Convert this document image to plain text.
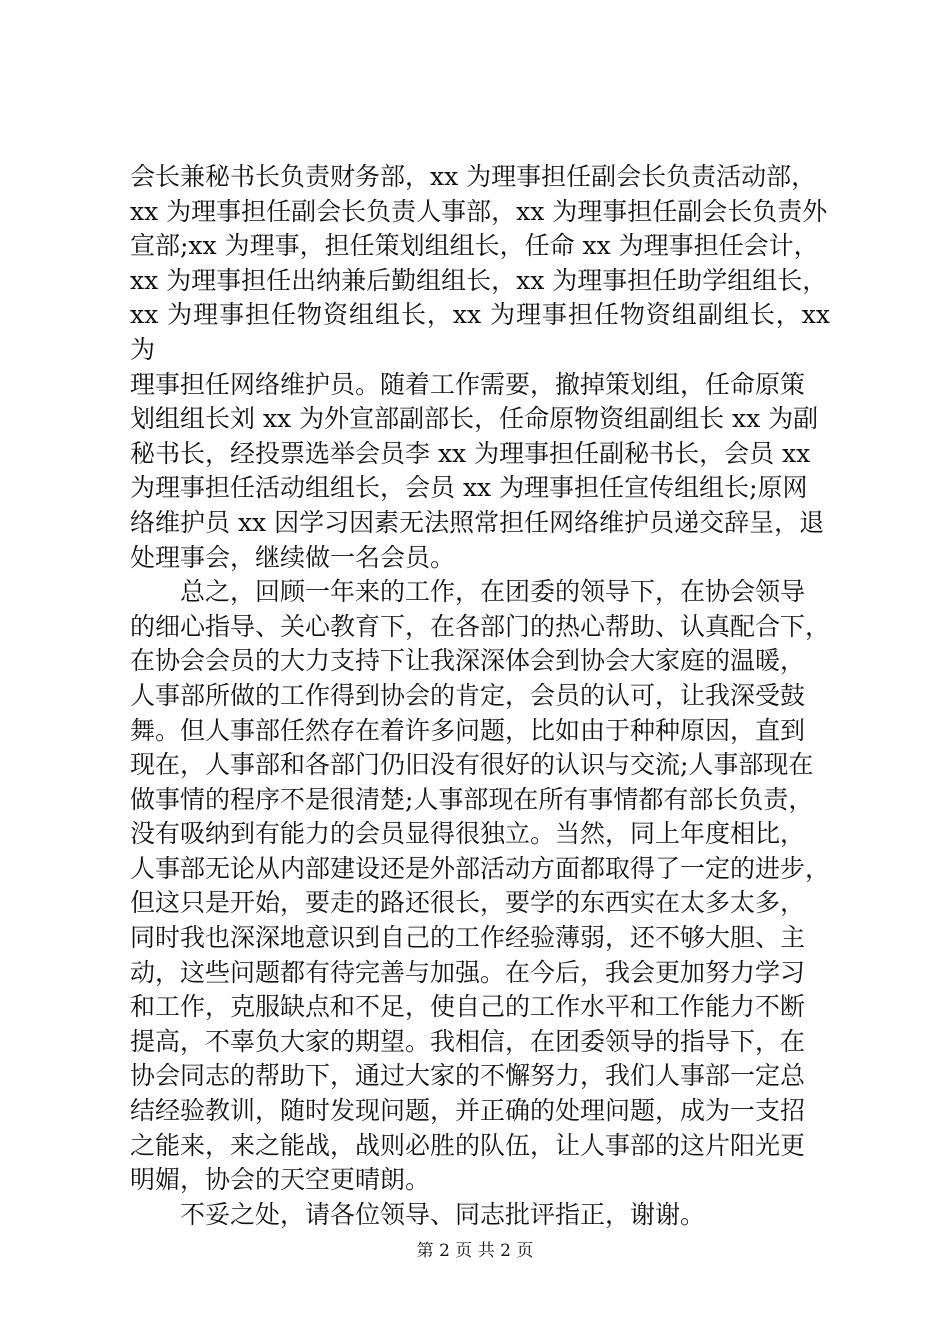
会长兼秘书长负责财务部，xx 为理事担任副会长负责活动部，
xx 为理事担任副会长负责人事部，xx 为理事担任副会长负责外
宣部;xx 为理事，担任策划组组长，任命 xx 为理事担任会计，
xx 为理事担任出纳兼后勤组组长，xx 为理事担任助学组组长，
xx 为理事担任物资组组长，xx 为理事担任物资组副组长，xx 为
理事担任网络维护员。随着工作需要，撤掉策划组，任命原策
划组组长刘 xx 为外宣部副部长，任命原物资组副组长 xx 为副
秘书长，经投票选举会员李 xx 为理事担任副秘书长，会员 xx
为理事担任活动组组长，会员 xx 为理事担任宣传组组长;原网
络维护员 xx 因学习因素无法照常担任网络维护员递交辞呈，退
处理事会，继续做一名会员。

总之，回顾一年来的工作，在团委的领导下，在协会领导
的细心指导、关心教育下，在各部门的热心帮助、认真配合下，
在协会会员的大力支持下让我深深体会到协会大家庭的温暖，
人事部所做的工作得到协会的肯定，会员的认可，让我深受鼓
舞。但人事部任然存在着许多问题，比如由于种种原因，直到
现在，人事部和各部门仍旧没有很好的认识与交流;人事部现在
做事情的程序不是很清楚;人事部现在所有事情都有部长负责，
没有吸纳到有能力的会员显得很独立。当然，同上年度相比，
人事部无论从内部建设还是外部活动方面都取得了一定的进步，
但这只是开始，要走的路还很长，要学的东西实在太多太多，
同时我也深深地意识到自己的工作经验薄弱，还不够大胆、主
动，这些问题都有待完善与加强。在今后，我会更加努力学习
和工作，克服缺点和不足，使自己的工作水平和工作能力不断
提高，不辜负大家的期望。我相信，在团委领导的指导下，在
协会同志的帮助下，通过大家的不懈努力，我们人事部一定总
结经验教训，随时发现问题，并正确的处理问题，成为一支招
之能来，来之能战，战则必胜的队伍，让人事部的这片阳光更
明媚，协会的天空更晴朗。

不妥之处，请各位领导、同志批评指正，谢谢。

第 2 页 共 2 页
